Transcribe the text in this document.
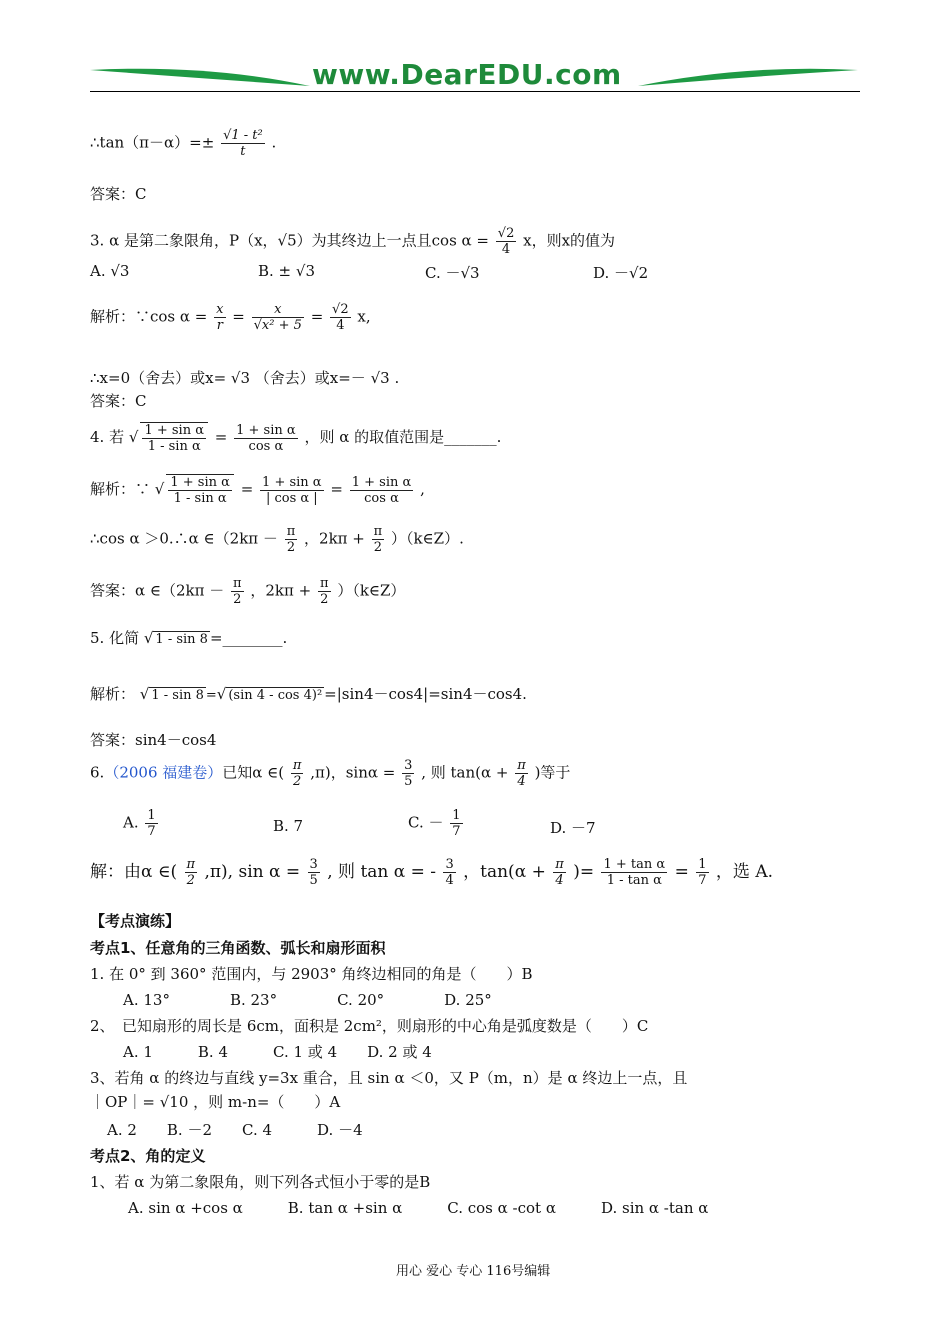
www.DearEDU.com
∴tan（π－α）=± $\frac{\text{√1 - t²}}{t}$ .
答案：C
3. α 是第二象限角，P（x，√5）为其终边上一点且$\cos \alpha = \frac{√2}{4}$ x，则x的值为
A. √3	B. ± √3	C. －√3	D. －√2
解析：∵cos $\alpha = \frac{x}{r} = \frac{x}{\text{√x² + 5}} = \frac{√2}{4} x$,
∴x=0（舍去）或x= √3 （舍去）或x=－ √3 .
答案：C
4. 若 √ $\frac{\text{1 + sin α}}{\text{1 - sin α}} = \frac{\text{1 + sin α}}{\text{cos α}}$ ，则 α 的取值范围是_______.
解析：∵ √ $\frac{\text{1 + sin α}}{\text{1 - sin α}} = \frac{\text{1 + sin α}}{\text{| cos α |}} = \frac{\text{1 + sin α}}{\text{cos α}}$ ,
∴cos α ＞0.∴α ∈（2kπ － $\frac{\pi}{2}$ ，$2k\pi + \frac{\pi}{2}$ ）（k∈Z）.
答案：α ∈（2kπ － $\frac{\pi}{2}$ ，$2k\pi + \frac{\pi}{2}$ ）（k∈Z）
5. 化简 √ 1 - sin 8 =________.
解析： √ 1 - sin 8 =√ (sin 4 - cos 4)² =|sin4－cos4|=sin4－cos4.
答案：sin4－cos4
6.（2006 福建卷）已知α ∈( $\frac{\pi}{2} ,\pi$)，$\sin\alpha = \frac{3}{5}$ , 则 $\tan(\alpha + \frac{\pi}{4}$ )等于
A. $\frac{1}{7}$	B. 7	C. － $\frac{1}{7}$	D. －7
解：由α ∈( $\frac{\pi}{2} ,\pi$), $\sin \alpha = \frac{3}{5}$ , 则 tan α = - $\frac{3}{4}$ ，$\tan(\alpha + \frac{\pi}{4}$ )= $\frac{\text{1 + tan α}}{\text{1 - tan α}} = \frac{1}{7}$ ，选 A.
【考点演练】
考点1、任意角的三角函数、弧长和扇形面积
1. 在 0° 到 360° 范围内，与 2903° 角终边相同的角是（　　）B
A. 13°　　　　B. 23°　　　　C. 20°　　　　D. 25°
2、　已知扇形的周长是 6cm，面积是 2cm²，则扇形的中心角是弧度数是（　　）C
A. 1　　　B. 4　　　C. 1 或 4　　D. 2 或 4
3、若角 α 的终边与直线 y=3x 重合，且 sin α ＜0，又 P（m，n）是 α 终边上一点，且
｜OP｜= √10 ，则 m-n=（　　）A
A. 2　　B. －2　　C. 4　　　D. －4
考点2、角的定义
1、若 α 为第二象限角，则下列各式恒小于零的是B
A. sin α +cos α　　　B. tan α +sin α　　　C. cos α -cot α　　　D. sin α -tan α
用心 爱心 专心 116号编辑
